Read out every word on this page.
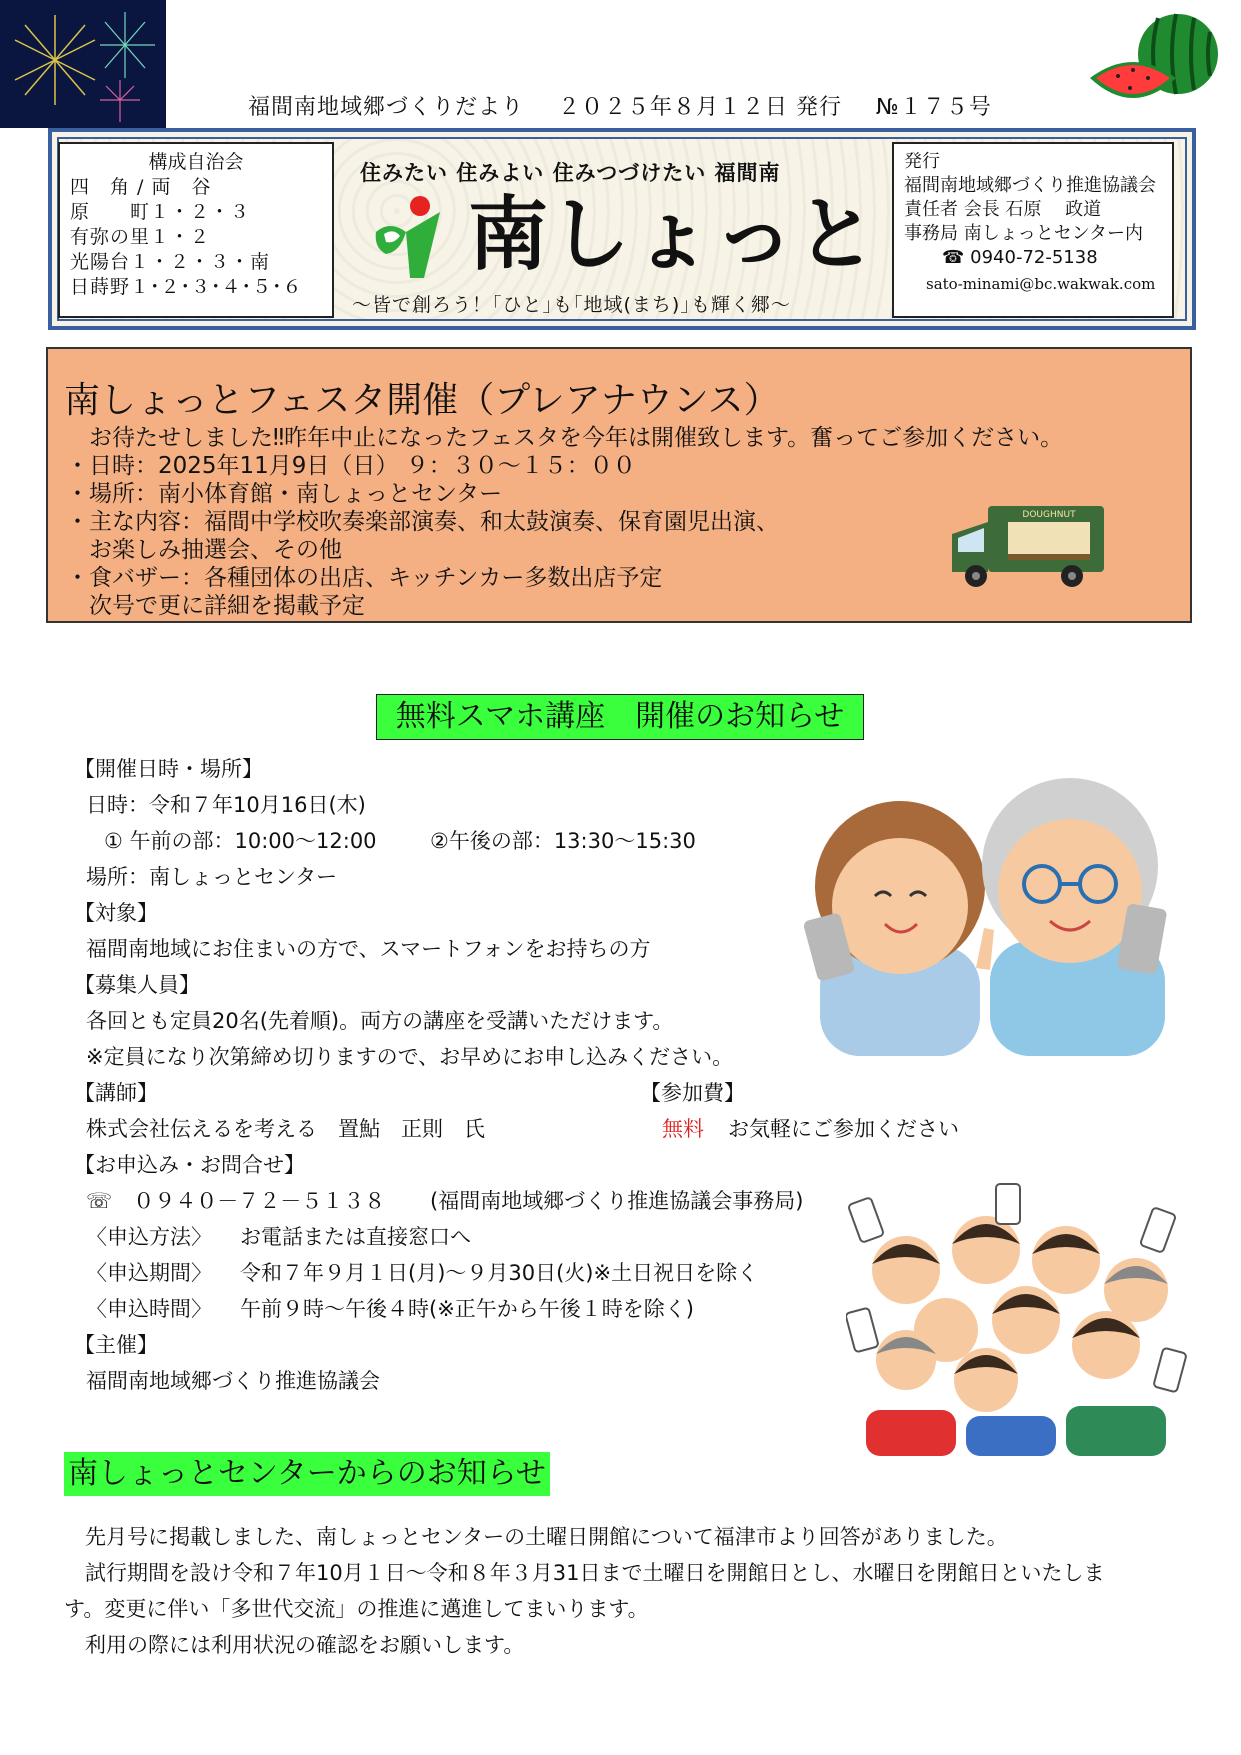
福間南地域郷づくりだより ２０２５年８月１２日 発行 №１７５号
構成自治会
四　角 / 両　谷
原　　町１・２・３
有弥の里１・２
光陽台１・２・３・南
日蒔野１･２･３･４･５･６
住みたい 住みよい 住みつづけたい 福間南
南しょっと
～皆で創ろう！｢ひと｣も｢地域(まち)｣も輝く郷～
発行
福間南地域郷づくり推進協議会
責任者 会長 石原　 政道
事務局 南しょっとセンター内
☎ 0940-72-5138
sato-minami@bc.wakwak.com
南しょっとフェスタ開催（プレアナウンス）
　お待たせしました‼昨年中止になったフェスタを今年は開催致します。奮ってご参加ください。
・日時：2025年11月9日（日） ９：３０～１５：００
・場所：南小体育館・南しょっとセンター
・主な内容：福間中学校吹奏楽部演奏、和太鼓演奏、保育園児出演、
　お楽しみ抽選会、その他
・食バザー：各種団体の出店、キッチンカー多数出店予定
　次号で更に詳細を掲載予定
DOUGHNUT
無料スマホ講座　開催のお知らせ
【開催日時・場所】
日時：令和７年10月16日(木)
① 午前の部：10:00～12:00	②午後の部：13:30～15:30
場所：南しょっとセンター
【対象】
福間南地域にお住まいの方で、スマートフォンをお持ちの方
【募集人員】
各回とも定員20名(先着順)。両方の講座を受講いただけます。
※定員になり次第締め切りますので、お早めにお申し込みください。
【講師】	【参加費】
株式会社伝えるを考える　置鮎　正則　氏	無料 お気軽にご参加ください
【お申込み・お問合せ】
☏　０９４０－７２－５１３８ (福間南地域郷づくり推進協議会事務局)
〈申込方法〉 お電話または直接窓口へ
〈申込期間〉 令和７年９月１日(月)～９月30日(火)※土日祝日を除く
〈申込時間〉 午前９時～午後４時(※正午から午後１時を除く)
【主催】
福間南地域郷づくり推進協議会
南しょっとセンターからのお知らせ
　先月号に掲載しました、南しょっとセンターの土曜日開館について福津市より回答がありました。
　試行期間を設け令和７年10月１日～令和８年３月31日まで土曜日を開館日とし、水曜日を閉館日といたしま
す。変更に伴い「多世代交流」の推進に邁進してまいります。
　利用の際には利用状況の確認をお願いします。
